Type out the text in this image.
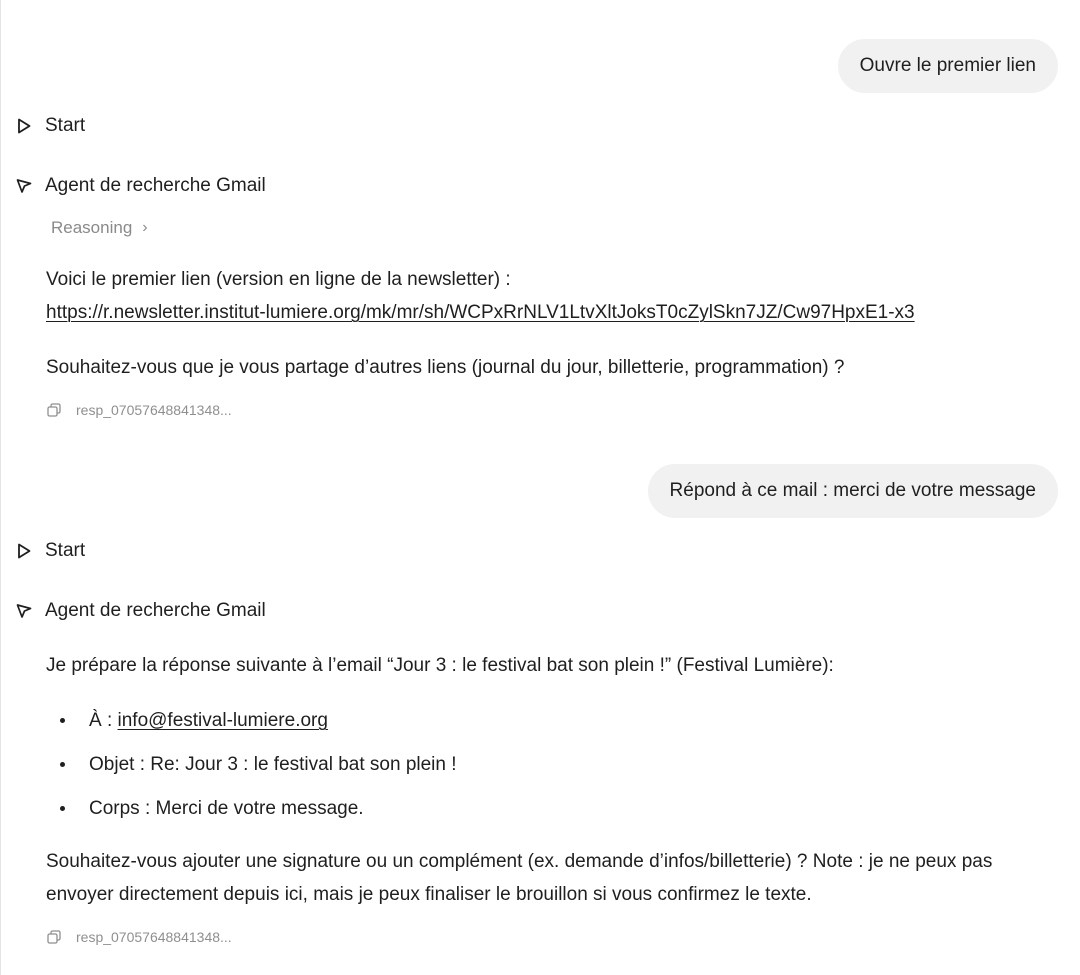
Ouvre le premier lien
Start
Agent de recherche Gmail
Reasoning ›
Voici le premier lien (version en ligne de la newsletter) :
https://r.newsletter.institut-lumiere.org/mk/mr/sh/WCPxRrNLV1LtvXltJoksT0cZylSkn7JZ/Cw97HpxE1-x3
Souhaitez-vous que je vous partage d’autres liens (journal du jour, billetterie, programmation) ?
resp_07057648841348...
Répond à ce mail : merci de votre message
Start
Agent de recherche Gmail
Je prépare la réponse suivante à l’email “Jour 3 : le festival bat son plein !” (Festival Lumière):
À : info@festival-lumiere.org
Objet : Re: Jour 3 : le festival bat son plein !
Corps : Merci de votre message.
Souhaitez-vous ajouter une signature ou un complément (ex. demande d’infos/billetterie) ? Note : je ne peux pas envoyer directement depuis ici, mais je peux finaliser le brouillon si vous confirmez le texte.
resp_07057648841348...
